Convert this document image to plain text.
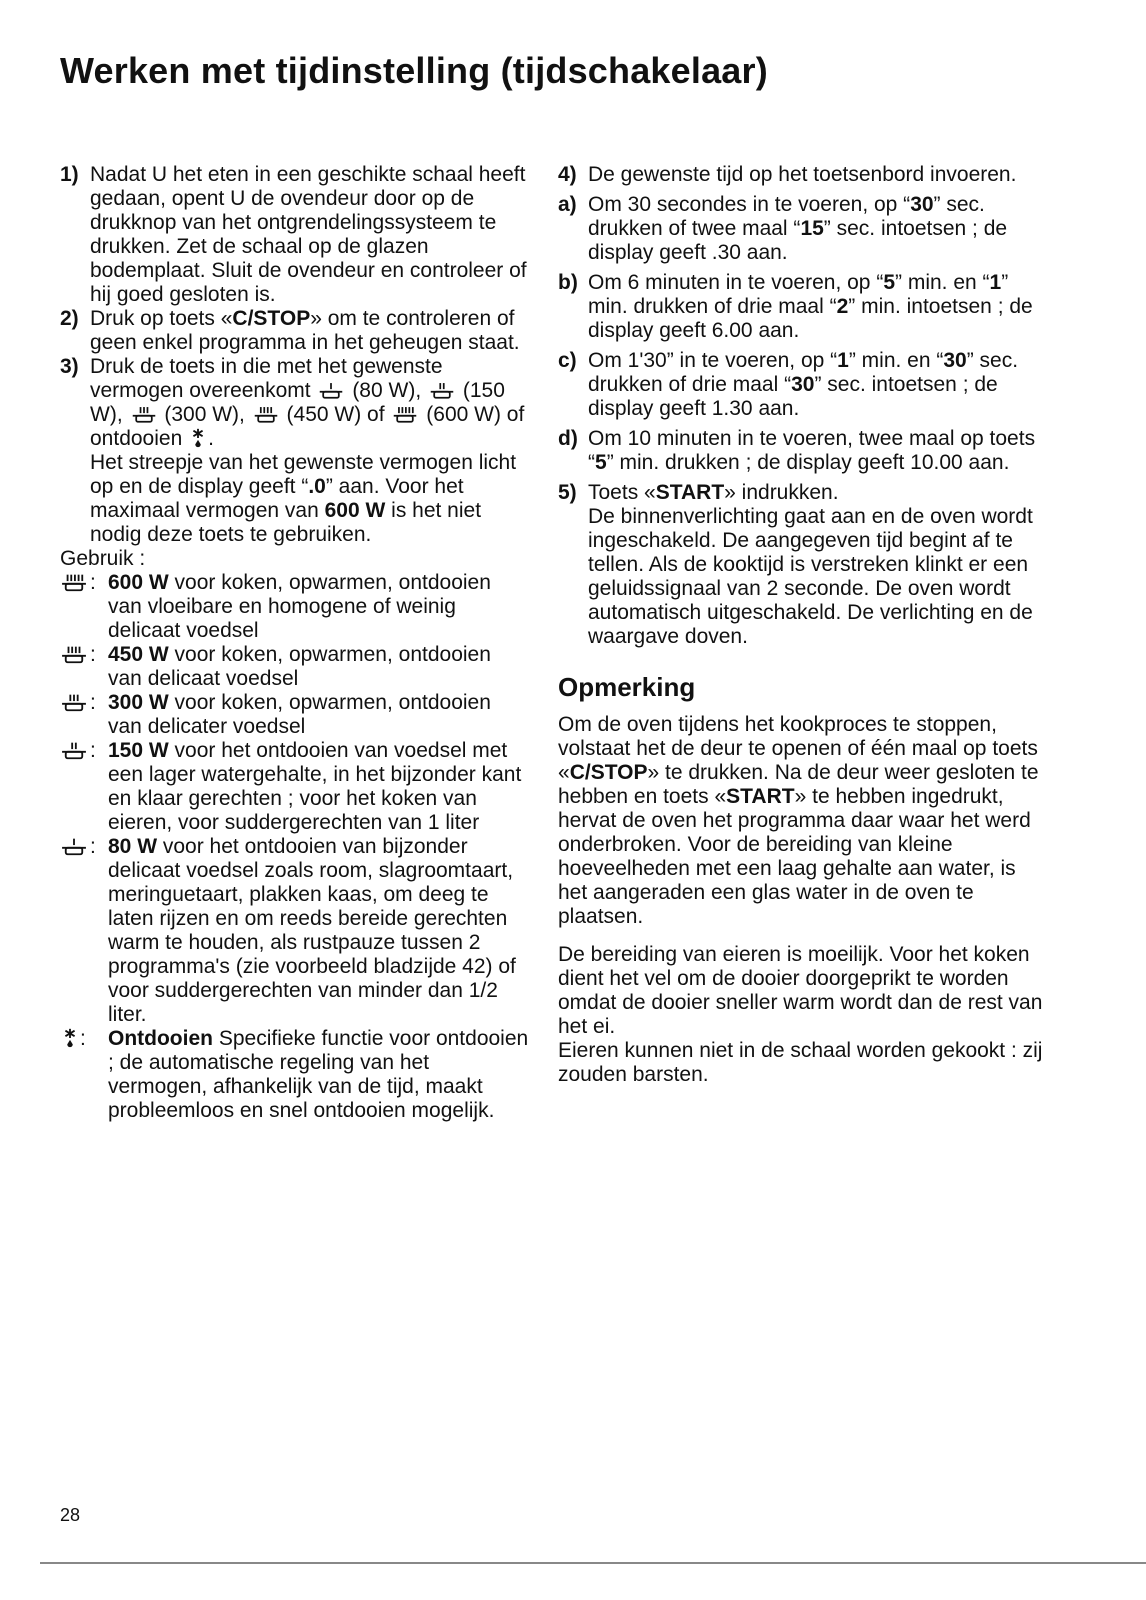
Werken met tijdinstelling (tijdschakelaar)
1) Nadat U het eten in een geschikte schaal heeft gedaan, opent U de ovendeur door op de drukknop van het ontgrendelingssysteem te drukken. Zet de schaal op de glazen bodemplaat. Sluit de ovendeur en controleer of hij goed gesloten is.

2) Druk op toets «C/STOP» om te controleren of geen enkel programma in het geheugen staat.

3) Druk de toets in die met het gewenste vermogen overeenkomt (80 W), (150 W), (300 W), (450 W) of (600 W) of ontdooien .

Het streepje van het gewenste vermogen licht op en de display geeft “.0” aan. Voor het maximaal vermogen van 600 W is het niet nodig deze toets te gebruiken.

Gebruik :

: 600 W voor koken, opwarmen, ontdooien van vloeibare en homogene of weinig delicaat voedsel
: 450 W voor koken, opwarmen, ontdooien van delicaat voedsel
: 300 W voor koken, opwarmen, ontdooien van delicater voedsel
: 150 W voor het ontdooien van voedsel met een lager watergehalte, in het bijzonder kant en klaar gerechten ; voor het koken van eieren, voor suddergerechten van 1 liter
: 80 W voor het ontdooien van bijzonder delicaat voedsel zoals room, slagroomtaart, meringuetaart, plakken kaas, om deeg te laten rijzen en om reeds bereide gerechten warm te houden, als rustpauze tussen 2 programma's (zie voorbeeld bladzijde 42) of voor suddergerechten van minder dan 1/2 liter.
: Ontdooien Specifieke functie voor ontdooien ; de automatische regeling van het vermogen, afhankelijk van de tijd, maakt probleemloos en snel ontdooien mogelijk.
4) De gewenste tijd op het toetsenbord invoeren.

a) Om 30 secondes in te voeren, op “30” sec. drukken of twee maal “15” sec. intoetsen ; de display geeft .30 aan.

b) Om 6 minuten in te voeren, op “5” min. en “1” min. drukken of drie maal “2” min. intoetsen ; de display geeft 6.00 aan.

c) Om 1'30” in te voeren, op “1” min. en “30” sec. drukken of drie maal “30” sec. intoetsen ; de display geeft 1.30 aan.

d) Om 10 minuten in te voeren, twee maal op toets “5” min. drukken ; de display geeft 10.00 aan.

5) Toets «START» indrukken.

De binnenverlichting gaat aan en de oven wordt ingeschakeld. De aangegeven tijd begint af te tellen. Als de kooktijd is verstreken klinkt er een geluidssignaal van 2 seconde. De oven wordt automatisch uitgeschakeld. De verlichting en de waargave doven.

Opmerking

Om de oven tijdens het kookproces te stoppen, volstaat het de deur te openen of één maal op toets «C/STOP» te drukken. Na de deur weer gesloten te hebben en toets «START» te hebben ingedrukt, hervat de oven het programma daar waar het werd onderbroken. Voor de bereiding van kleine hoeveelheden met een laag gehalte aan water, is het aangeraden een glas water in de oven te plaatsen.

De bereiding van eieren is moeilijk. Voor het koken dient het vel om de dooier doorgeprikt te worden omdat de dooier sneller warm wordt dan de rest van het ei.

Eieren kunnen niet in de schaal worden gekookt : zij zouden barsten.

28
